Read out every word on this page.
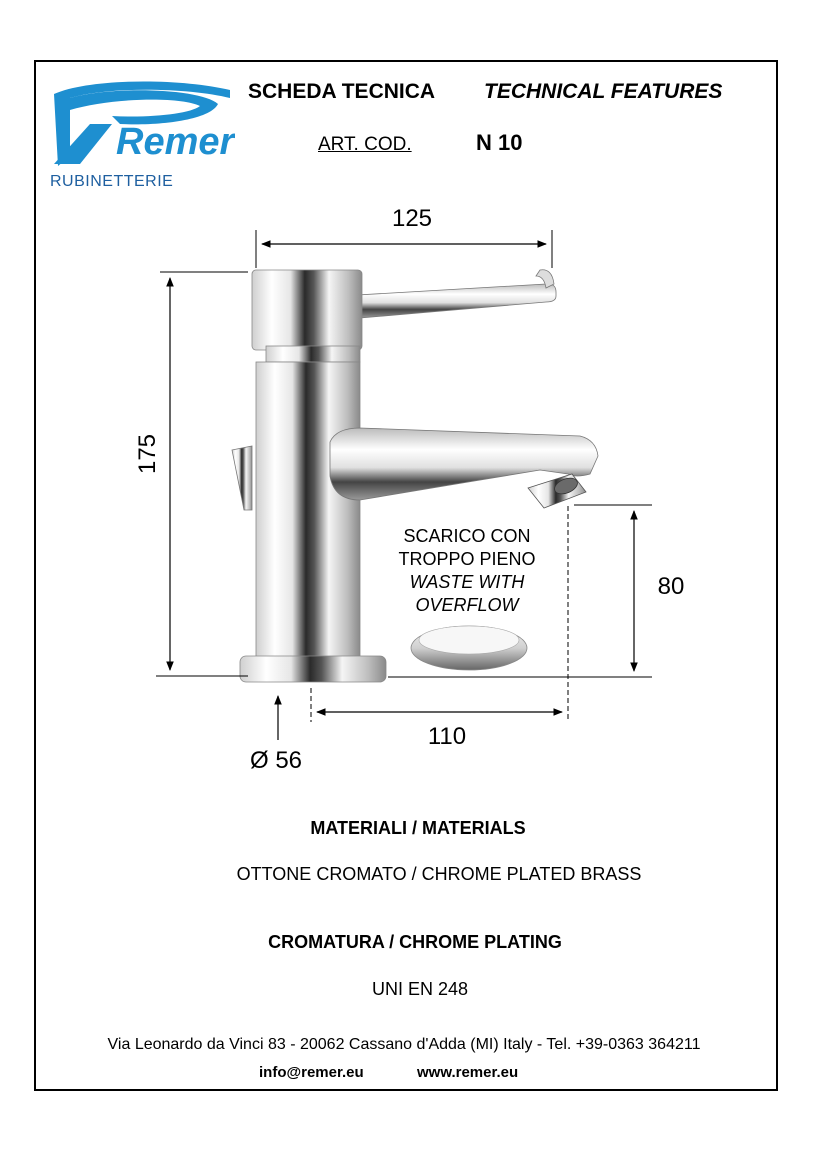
Remer
RUBINETTERIE
SCHEDA TECNICA TECHNICAL FEATURES
ART. COD.	N 10
125
175
80
110
Ø 56
SCARICO CON
TROPPO PIENO
WASTE WITH
OVERFLOW
MATERIALI / MATERIALS
OTTONE CROMATO / CHROME PLATED BRASS
CROMATURA / CHROME PLATING
UNI EN 248
Via Leonardo da Vinci 83 - 20062 Cassano d'Adda (MI) Italy - Tel. +39-0363 364211
info@remer.eu	www.remer.eu
